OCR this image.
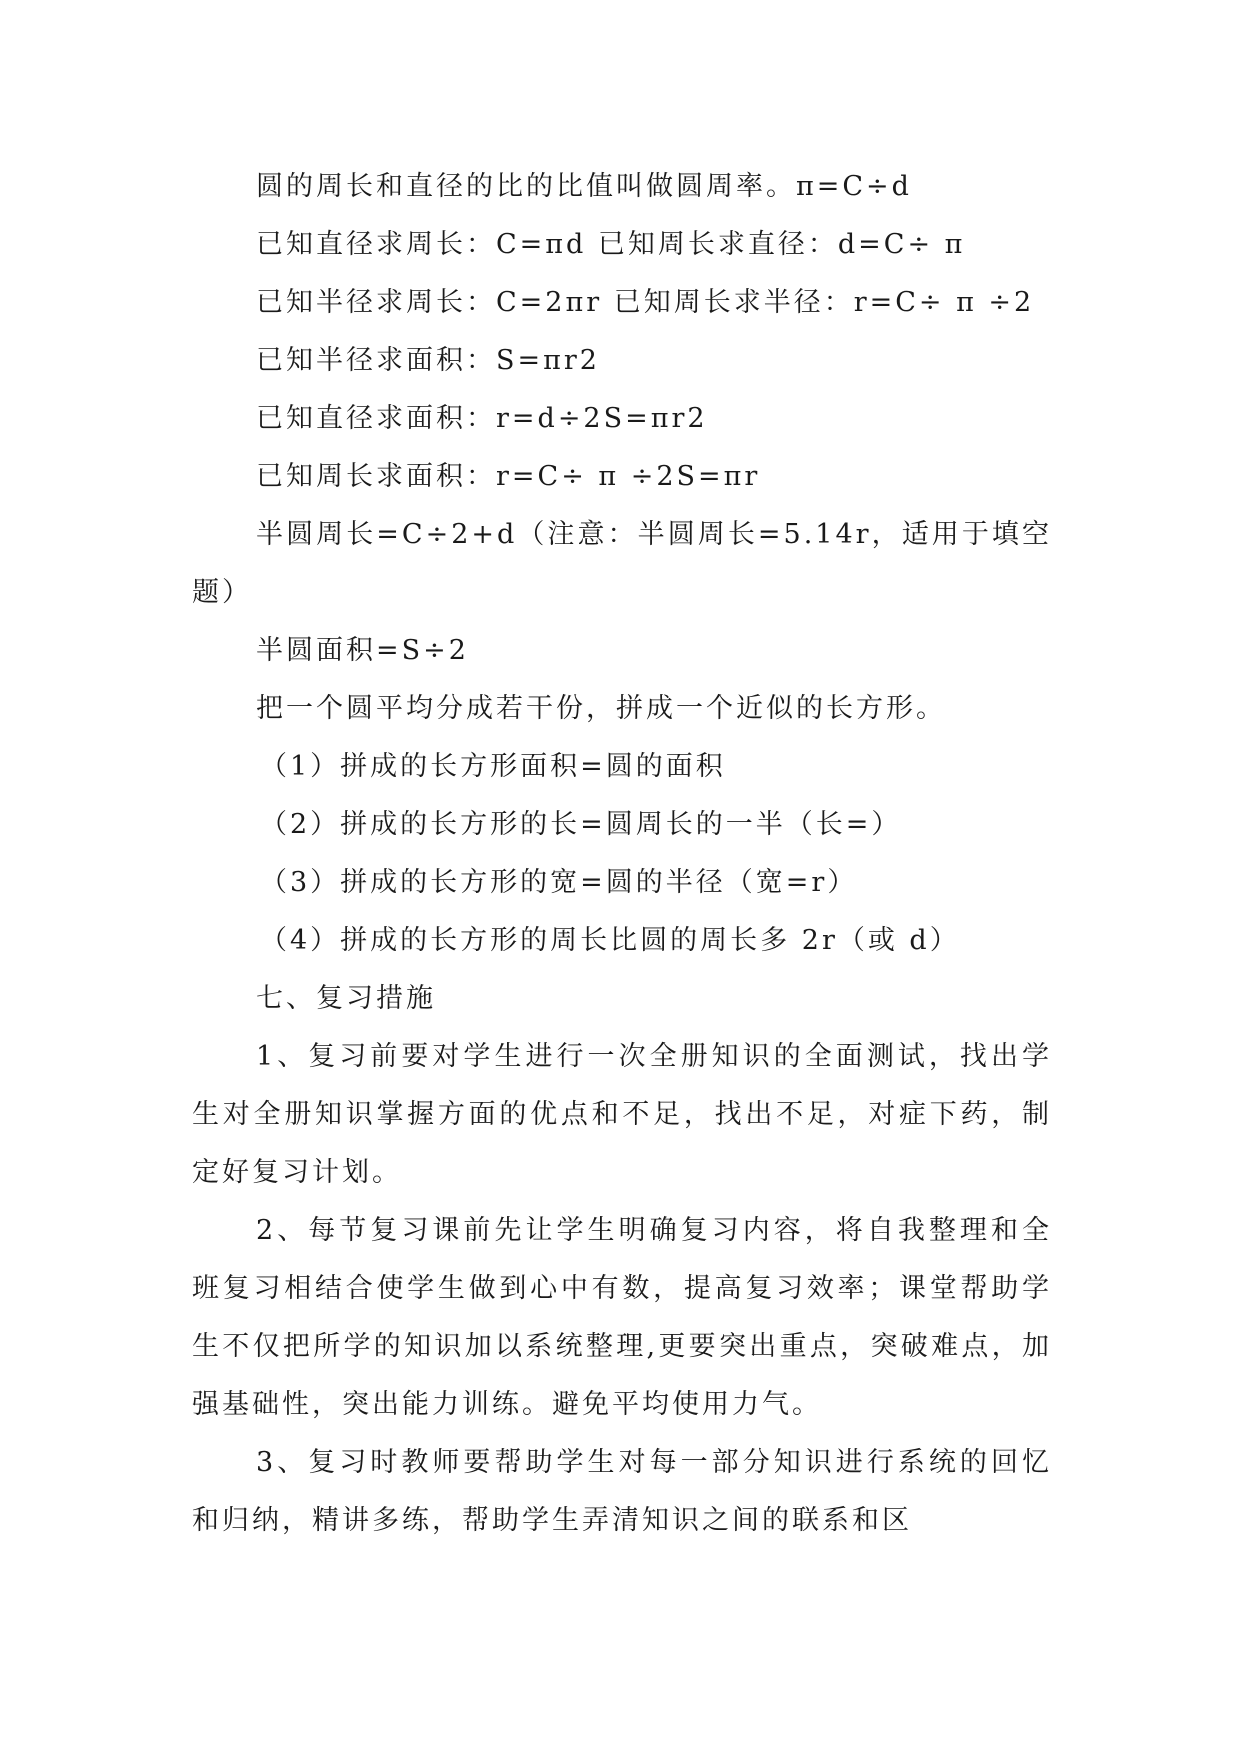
圆的周长和直径的比的比值叫做圆周率。π=C÷d
已知直径求周长：C=πd 已知周长求直径：d=C÷ π
已知半径求周长：C=2πr 已知周长求半径：r=C÷ π ÷2
已知半径求面积：S=πr2
已知直径求面积：r=d÷2S=πr2
已知周长求面积：r=C÷ π ÷2S=πr
半圆周长=C÷2+d（注意：半圆周长=5.14r，适用于填空题）
半圆面积=S÷2
把一个圆平均分成若干份，拼成一个近似的长方形。
（1）拼成的长方形面积=圆的面积
（2）拼成的长方形的长=圆周长的一半（长=）
（3）拼成的长方形的宽=圆的半径（宽=r）
（4）拼成的长方形的周长比圆的周长多 2r（或 d）
七、复习措施
1、复习前要对学生进行一次全册知识的全面测试，找出学生对全册知识掌握方面的优点和不足，找出不足，对症下药，制定好复习计划。
2、每节复习课前先让学生明确复习内容，将自我整理和全班复习相结合使学生做到心中有数，提高复习效率；课堂帮助学生不仅把所学的知识加以系统整理,更要突出重点，突破难点，加强基础性，突出能力训练。避免平均使用力气。
3、复习时教师要帮助学生对每一部分知识进行系统的回忆和归纳，精讲多练，帮助学生弄清知识之间的联系和区
